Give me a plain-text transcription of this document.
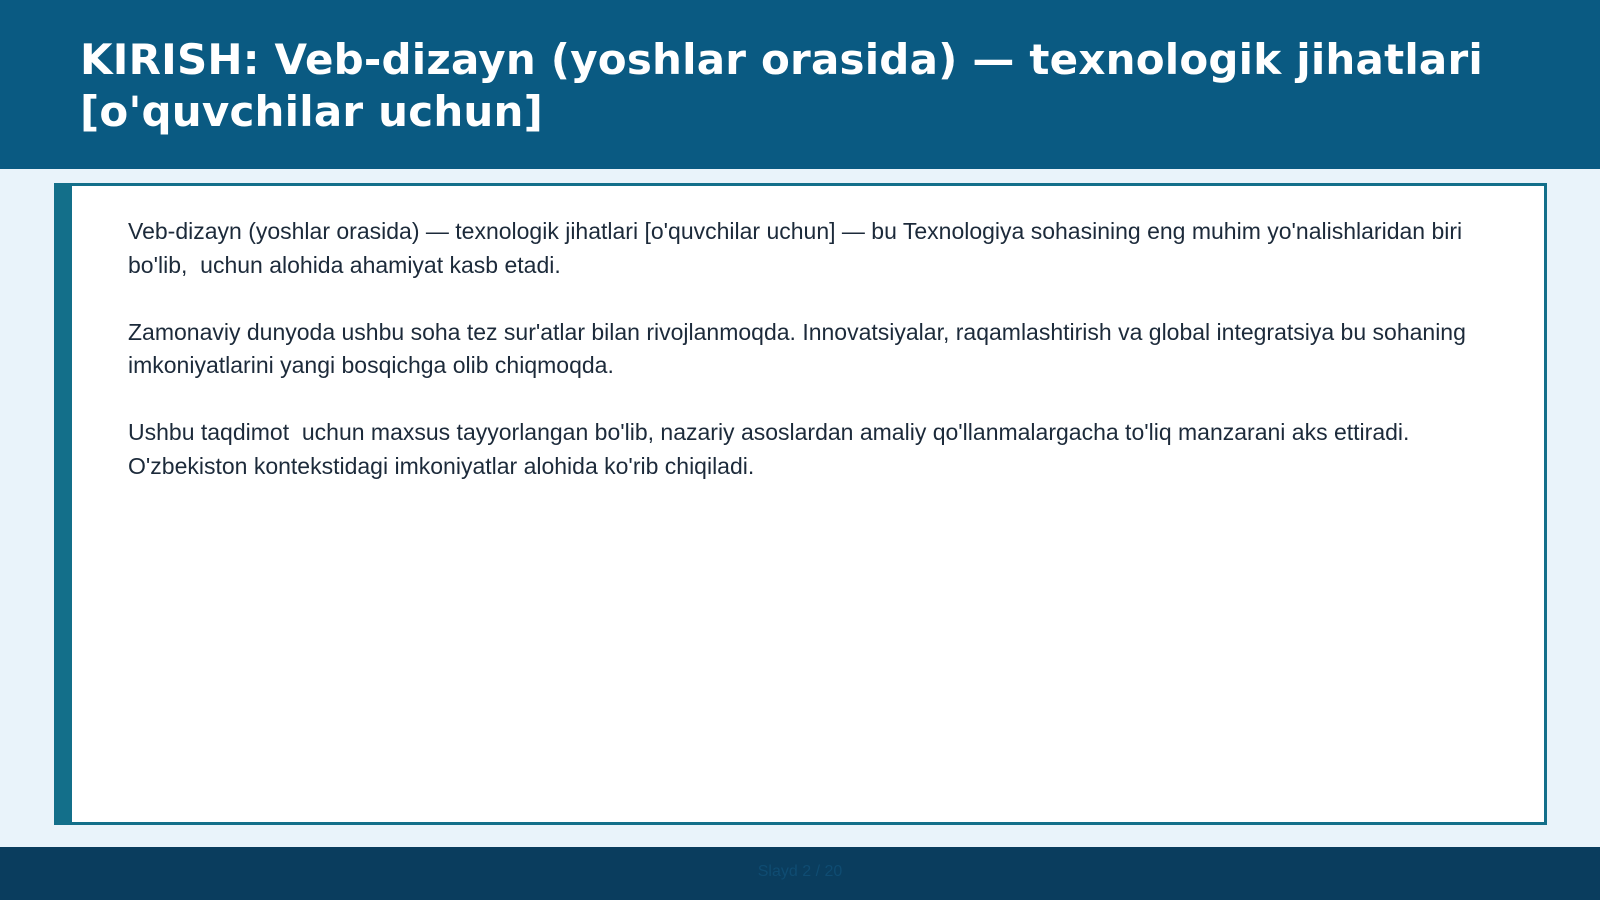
KIRISH: Veb-dizayn (yoshlar orasida) — texnologik jihatlari [o'quvchilar uchun]

Veb-dizayn (yoshlar orasida) — texnologik jihatlari [o'quvchilar uchun] — bu Texnologiya sohasining eng muhim yo'nalishlaridan biri bo'lib,  uchun alohida ahamiyat kasb etadi.

Zamonaviy dunyoda ushbu soha tez sur'atlar bilan rivojlanmoqda. Innovatsiyalar, raqamlashtirish va global integratsiya bu sohaning imkoniyatlarini yangi bosqichga olib chiqmoqda.

Ushbu taqdimot  uchun maxsus tayyorlangan bo'lib, nazariy asoslardan amaliy qo'llanmalargacha to'liq manzarani aks ettiradi. O'zbekiston kontekstidagi imkoniyatlar alohida ko'rib chiqiladi.

Slayd 2 / 20
